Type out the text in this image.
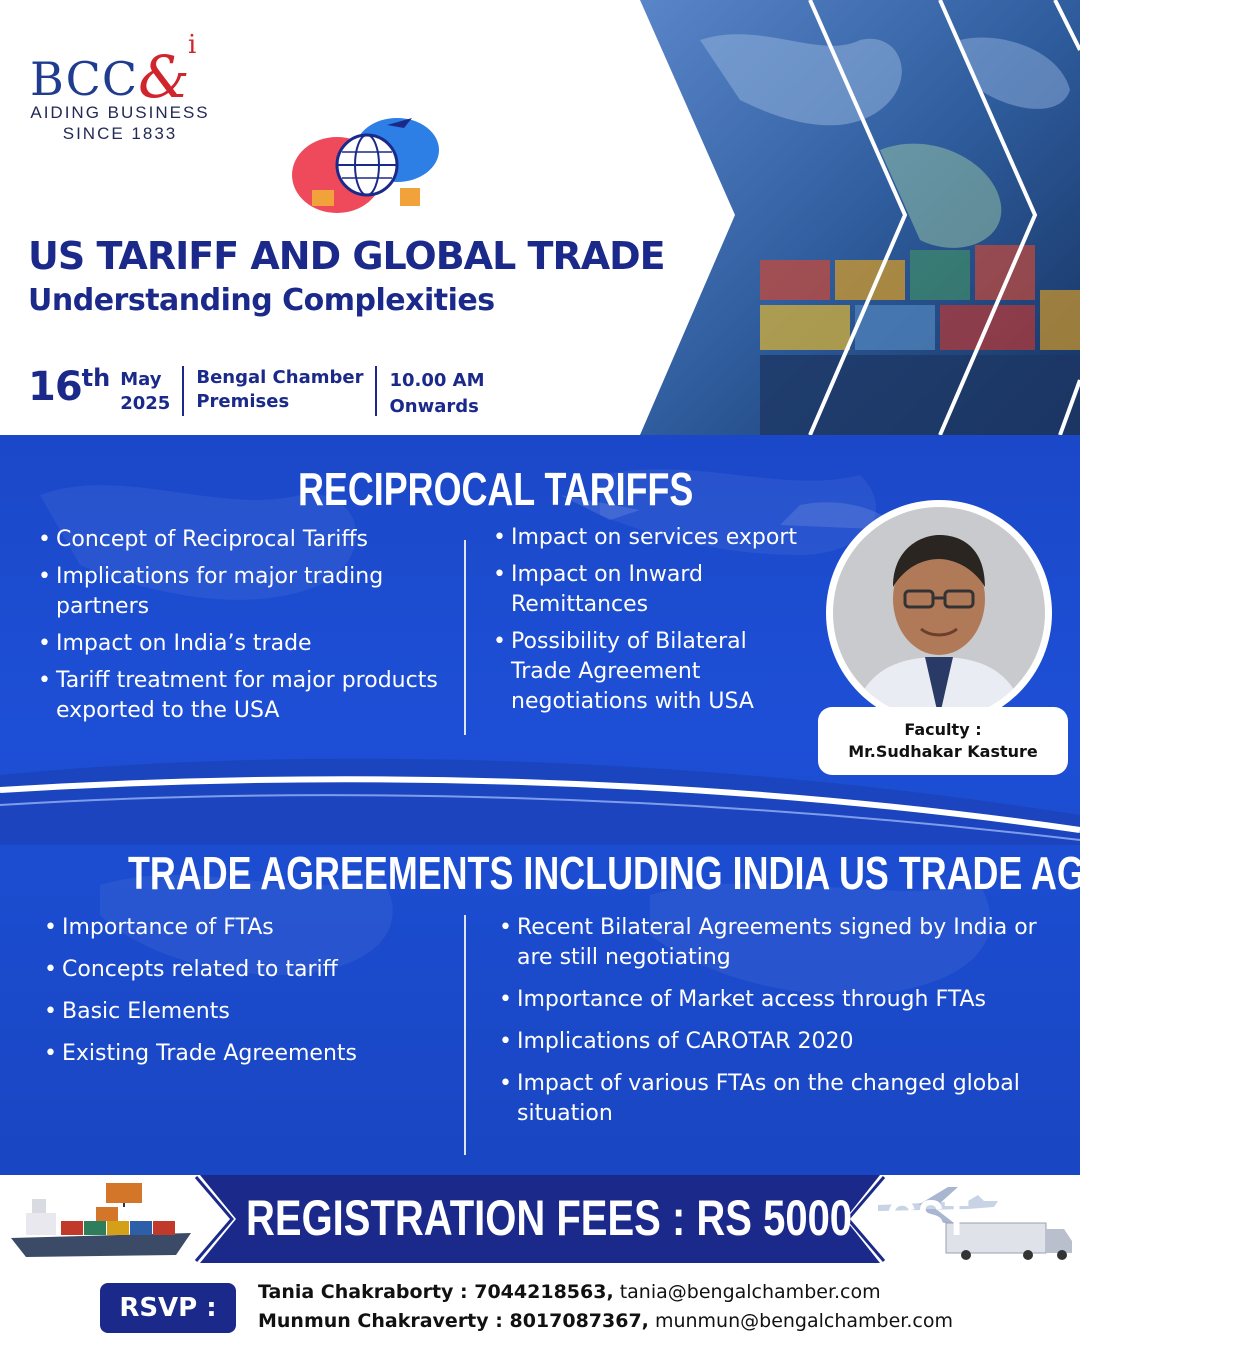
BCC &
i
AIDING BUSINESS
SINCE 1833
US TARIFF AND GLOBAL TRADE
Understanding Complexities
16 th May
2025
Bengal Chamber
Premises
10.00 AM
Onwards
RECIPROCAL TARIFFS
• Concept of Reciprocal Tariffs
• Implications for major trading partners
• Impact on India’s trade
• Tariff treatment for major products exported to the USA
• Impact on services export
• Impact on Inward Remittances
• Possibility of Bilateral Trade Agreement negotiations with USA
Faculty :
Mr.Sudhakar Kasture
TRADE AGREEMENTS INCLUDING INDIA US TRADE AGREEMENT
• Importance of FTAs
• Concepts related to tariff
• Basic Elements
• Existing Trade Agreements
• Recent Bilateral Agreements signed by India or are still negotiating
• Importance of Market access through FTAs
• Implications of CAROTAR 2020
• Impact of various FTAs on the changed global situation
REGISTRATION FEES : RS 5000+ GST
RSVP :
Tania Chakraborty : 7044218563, tania@bengalchamber.com
Munmun Chakraverty : 8017087367, munmun@bengalchamber.com
